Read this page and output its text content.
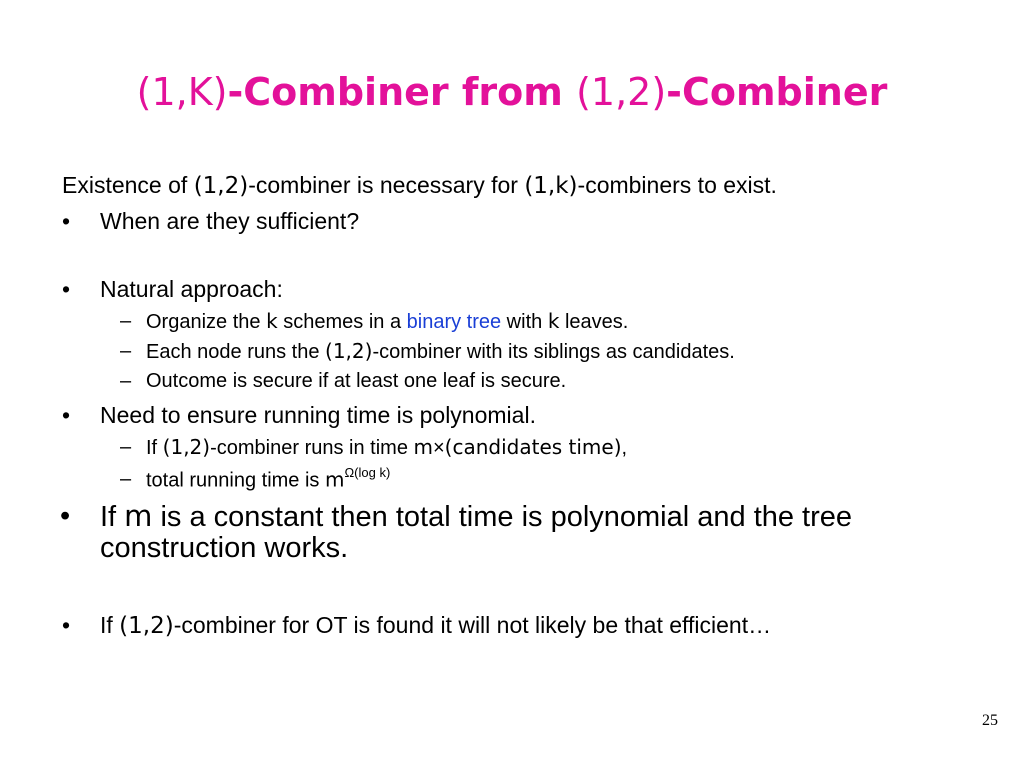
(1,K)-Combiner from (1,2)-Combiner
Existence of (1,2)-combiner is necessary for (1,k)-combiners to exist.
• When are they sufficient?
• Natural approach:
– Organize the k schemes in a binary tree with k leaves.
– Each node runs the (1,2)-combiner with its siblings as candidates.
– Outcome is secure if at least one leaf is secure.
• Need to ensure running time is polynomial.
– If (1,2)-combiner runs in time m×(candidates time),
– total running time is $m^{\Omega(log k)}$
• If m is a constant then total time is polynomial and the tree
construction works.
• If (1,2)-combiner for OT is found it will not likely be that efficient…
25
